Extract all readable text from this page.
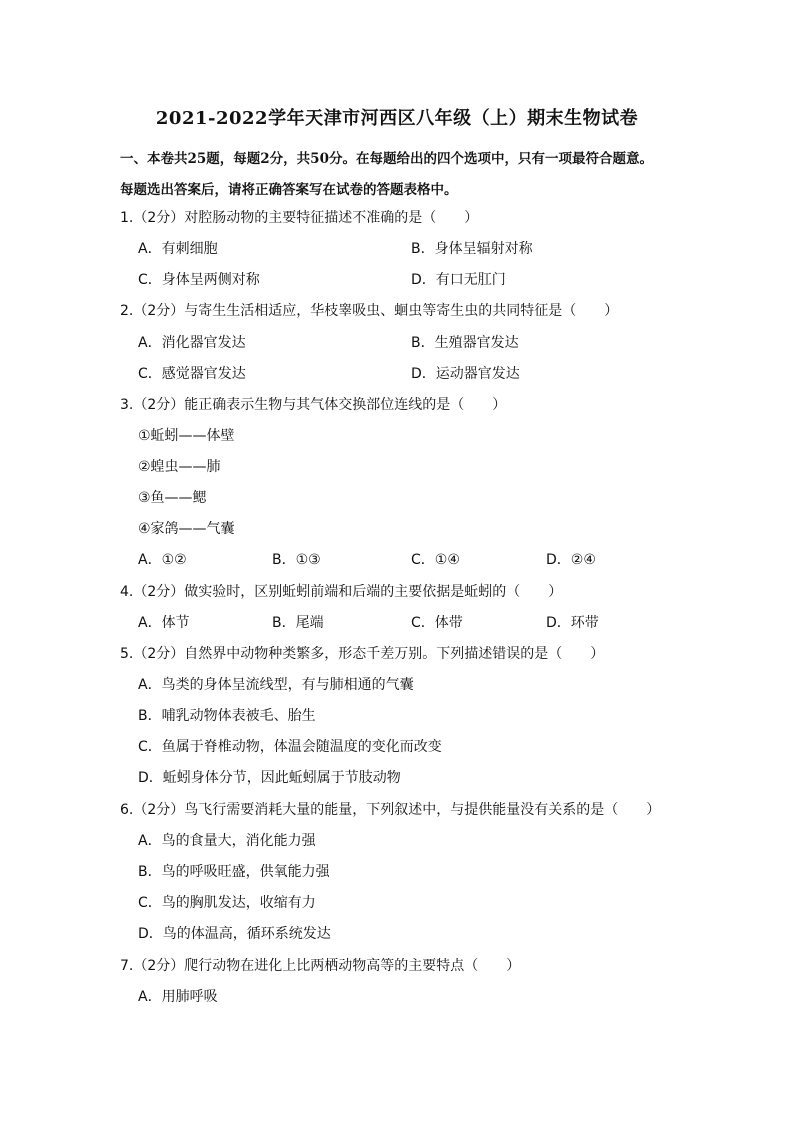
2021-2022学年天津市河西区八年级（上）期末生物试卷
一、本卷共25题，每题2分，共50分。在每题给出的四个选项中，只有一项最符合题意。
每题选出答案后，请将正确答案写在试卷的答题表格中。
1.（2分）对腔肠动物的主要特征描述不准确的是（　　）
A．有刺细胞	B．身体呈辐射对称
C．身体呈两侧对称	D．有口无肛门
2.（2分）与寄生生活相适应，华枝睾吸虫、蛔虫等寄生虫的共同特征是（　　）
A．消化器官发达	B．生殖器官发达
C．感觉器官发达	D．运动器官发达
3.（2分）能正确表示生物与其气体交换部位连线的是（　　）
①蚯蚓——体壁
②蝗虫——肺
③鱼——鳃
④家鸽——气囊
A．①②	B．①③	C．①④	D．②④
4.（2分）做实验时，区别蚯蚓前端和后端的主要依据是蚯蚓的（　　）
A．体节	B．尾端	C．体带	D．环带
5.（2分）自然界中动物种类繁多，形态千差万别。下列描述错误的是（　　）
A．鸟类的身体呈流线型，有与肺相通的气囊
B．哺乳动物体表被毛、胎生
C．鱼属于脊椎动物，体温会随温度的变化而改变
D．蚯蚓身体分节，因此蚯蚓属于节肢动物
6.（2分）鸟飞行需要消耗大量的能量，下列叙述中，与提供能量没有关系的是（　　）
A．鸟的食量大，消化能力强
B．鸟的呼吸旺盛，供氧能力强
C．鸟的胸肌发达，收缩有力
D．鸟的体温高，循环系统发达
7.（2分）爬行动物在进化上比两栖动物高等的主要特点（　　）
A．用肺呼吸
